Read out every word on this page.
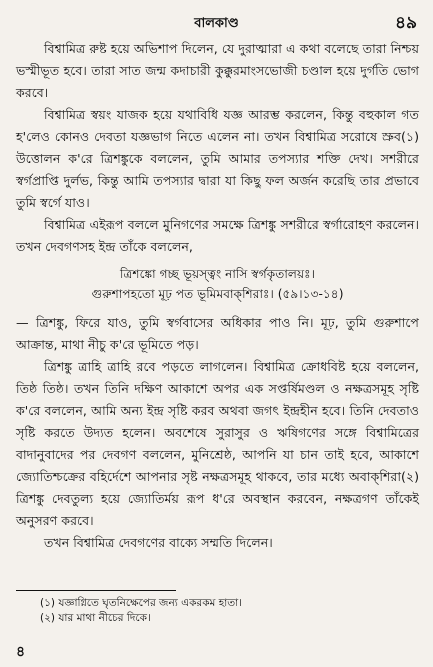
বালকাণ্ড	৪৯

বিশ্বামিত্র রুষ্ট হয়ে অভিশাপ দিলেন, যে দুরাত্মারা এ কথা বলেছে তারা নিশ্চয় ভস্মীভূত হবে। তারা সাত জন্ম কদাচারী কুক্কুরমাংসভোজী চণ্ডাল হয়ে দুর্গতি ভোগ করবে।

বিশ্বামিত্র স্বয়ং যাজক হয়ে যথাবিধি যজ্ঞ আরম্ভ করলেন, কিন্তু বহুকাল গত হ'লেও কোনও দেবতা যজ্ঞভাগ নিতে এলেন না। তখন বিশ্বামিত্র সরোষে স্রুব(১) উত্তোলন ক'রে ত্রিশঙ্কুকে বললেন, তুমি আমার তপস্যার শক্তি দেখ। সশরীরে স্বর্গপ্রাপ্তি দুর্লভ, কিন্তু আমি তপস্যার দ্বারা যা কিছু ফল অর্জন করেছি তার প্রভাবে তুমি স্বর্গে যাও।

বিশ্বামিত্র এইরূপ বললে মুনিগণের সমক্ষে ত্রিশঙ্কু সশরীরে স্বর্গারোহণ করলেন। তখন দেবগণসহ ইন্দ্র তাঁকে বললেন,

ত্রিশঙ্কো গচ্ছ ভূয়স্ত্বং নাসি স্বর্গকৃতালয়ঃ।
গুরুশাপহতো মূঢ় পত ভূমিমবাক্‌শিরাঃ। (৫৯।১৩-১৪)

— ত্রিশঙ্কু, ফিরে যাও, তুমি স্বর্গবাসের অধিকার পাও নি। মূঢ়, তুমি গুরুশাপে আক্রান্ত, মাথা নীচু ক'রে ভূমিতে পড়।

ত্রিশঙ্কু ত্রাহি ত্রাহি রবে পড়তে লাগলেন। বিশ্বামিত্র ক্রোধবিষ্ট হয়ে বললেন, তিষ্ঠ তিষ্ঠ। তখন তিনি দক্ষিণ আকাশে অপর এক সপ্তর্ষিমণ্ডল ও নক্ষত্রসমূহ সৃষ্টি ক'রে বললেন, আমি অন্য ইন্দ্র সৃষ্টি করব অথবা জগৎ ইন্দ্রহীন হবে। তিনি দেবতাও সৃষ্টি করতে উদ্যত হলেন। অবশেষে সুরাসুর ও ঋষিগণের সঙ্গে বিশ্বামিত্রের বাদানুবাদের পর দেবগণ বললেন, মুনিশ্রেষ্ঠ, আপনি যা চান তাই হবে, আকাশে জ্যোতিশ্চক্রের বহির্দেশে আপনার সৃষ্ট নক্ষত্রসমূহ থাকবে, তার মধ্যে অবাক্‌শিরা(২) ত্রিশঙ্কু দেবতুল্য হয়ে জ্যোতির্ময় রূপ ধ'রে অবস্থান করবেন, নক্ষত্রগণ তাঁকেই অনুসরণ করবে।

তখন বিশ্বামিত্র দেবগণের বাক্যে সম্মতি দিলেন।

(১) যজ্ঞাগ্নিতে ঘৃতনিক্ষেপের জন্য একরকম হাতা।
(২) যার মাথা নীচের দিকে।
৪
